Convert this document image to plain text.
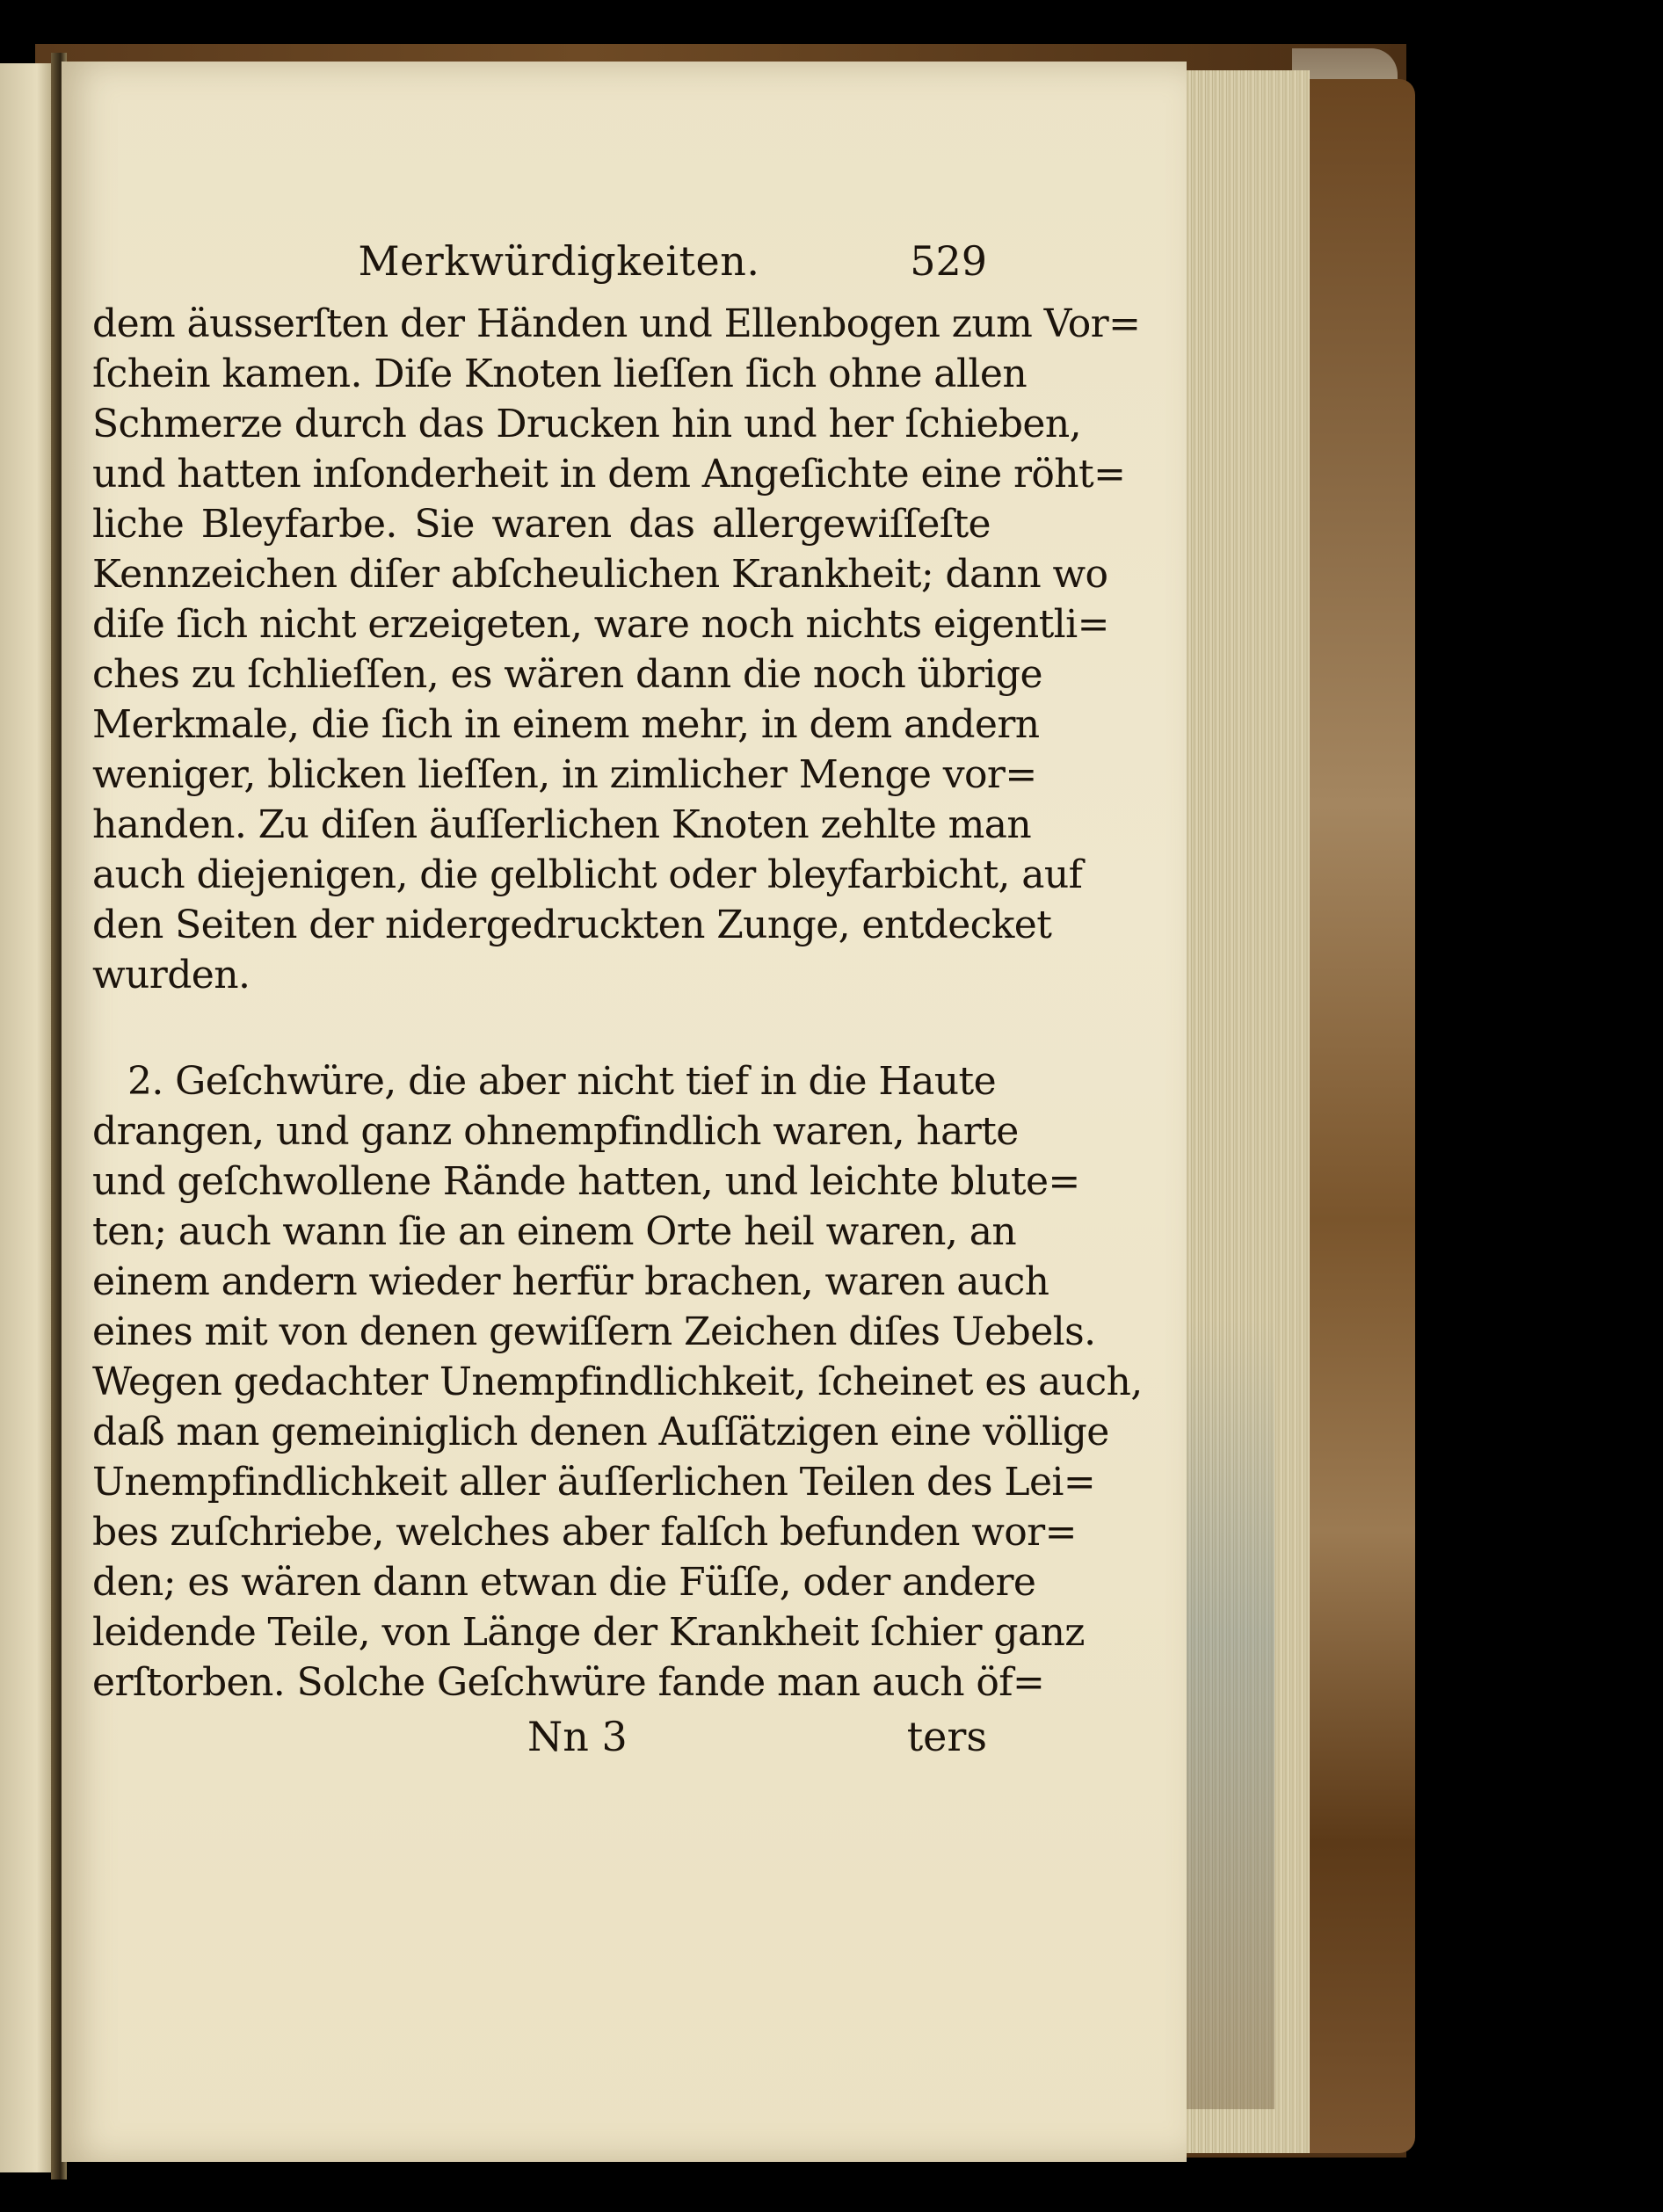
Merkwürdigkeiten.	529
dem äusserſten der Händen und Ellenbogen zum Vor=
ſchein kamen. Diſe Knoten lieſſen ſich ohne allen
Schmerze durch das Drucken hin und her ſchieben,
und hatten inſonderheit in dem Angeſichte eine röht=
liche Bleyfarbe. Sie waren das allergewiſſeſte
Kennzeichen diſer abſcheulichen Krankheit; dann wo
diſe ſich nicht erzeigeten, ware noch nichts eigentli=
ches zu ſchlieſſen, es wären dann die noch übrige
Merkmale, die ſich in einem mehr, in dem andern
weniger, blicken lieſſen, in zimlicher Menge vor=
handen. Zu diſen äuſſerlichen Knoten zehlte man
auch diejenigen, die gelblicht oder bleyfarbicht, auf
den Seiten der nidergedruckten Zunge, entdecket
wurden.
2. Geſchwüre, die aber nicht tief in die Haute
drangen, und ganz ohnempfindlich waren, harte
und geſchwollene Rände hatten, und leichte blute=
ten; auch wann ſie an einem Orte heil waren, an
einem andern wieder herfür brachen, waren auch
eines mit von denen gewiſſern Zeichen diſes Uebels.
Wegen gedachter Unempfindlichkeit, ſcheinet es auch,
daß man gemeiniglich denen Auſſätzigen eine völlige
Unempfindlichkeit aller äuſſerlichen Teilen des Lei=
bes zuſchriebe, welches aber falſch befunden wor=
den; es wären dann etwan die Füſſe, oder andere
leidende Teile, von Länge der Krankheit ſchier ganz
erſtorben. Solche Geſchwüre fande man auch öf=
Nn 3	ters
